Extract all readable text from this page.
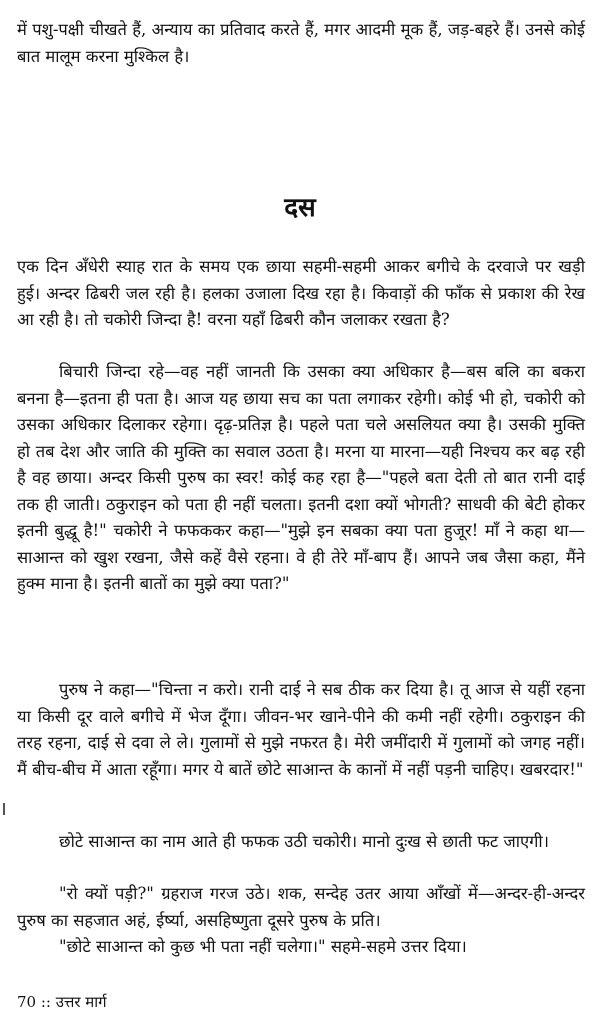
में पशु-पक्षी चीखते हैं, अन्याय का प्रतिवाद करते हैं, मगर आदमी मूक हैं, जड़-बहरे हैं। उनसे कोई बात मालूम करना मुश्किल है।

दस

एक दिन अँधेरी स्याह रात के समय एक छाया सहमी-सहमी आकर बगीचे के दरवाजे पर खड़ी हुई। अन्दर ढिबरी जल रही है। हलका उजाला दिख रहा है। किवाड़ों की फाँक से प्रकाश की रेख आ रही है। तो चकोरी जिन्दा है! वरना यहाँ ढिबरी कौन जलाकर रखता है?

बिचारी जिन्दा रहे—वह नहीं जानती कि उसका क्या अधिकार है—बस बलि का बकरा बनना है—इतना ही पता है। आज यह छाया सच का पता लगाकर रहेगी। कोई भी हो, चकोरी को उसका अधिकार दिलाकर रहेगा। दृढ़-प्रतिज्ञ है। पहले पता चले असलियत क्या है। उसकी मुक्ति हो तब देश और जाति की मुक्ति का सवाल उठता है। मरना या मारना—यही निश्चय कर बढ़ रही है वह छाया। अन्दर किसी पुरुष का स्वर! कोई कह रहा है—"पहले बता देती तो बात रानी दाई तक ही जाती। ठकुराइन को पता ही नहीं चलता। इतनी दशा क्यों भोगती? साधवी की बेटी होकर इतनी बुद्धू है!" चकोरी ने फफककर कहा—"मुझे इन सबका क्या पता हुजूर! माँ ने कहा था—साआन्त को खुश रखना, जैसे कहें वैसे रहना। वे ही तेरे माँ-बाप हैं। आपने जब जैसा कहा, मैंने हुक्म माना है। इतनी बातों का मुझे क्या पता?"

पुरुष ने कहा—"चिन्ता न करो। रानी दाई ने सब ठीक कर दिया है। तू आज से यहीं रहना या किसी दूर वाले बगीचे में भेज दूँगा। जीवन-भर खाने-पीने की कमी नहीं रहेगी। ठकुराइन की तरह रहना, दाई से दवा ले ले। गुलामों से मुझे नफरत है। मेरी जमींदारी में गुलामों को जगह नहीं। मैं बीच-बीच में आता रहूँगा। मगर ये बातें छोटे साआन्त के कानों में नहीं पड़नी चाहिए। खबरदार!"

छोटे साआन्त का नाम आते ही फफक उठी चकोरी। मानो दुःख से छाती फट जाएगी।

"रो क्यों पड़ी?" ग्रहराज गरज उठे। शक, सन्देह उतर आया आँखों में—अन्दर-ही-अन्दर पुरुष का सहजात अहं, ईर्ष्या, असहिष्णुता दूसरे पुरुष के प्रति।

"छोटे साआन्त को कुछ भी पता नहीं चलेगा।" सहमे-सहमे उत्तर दिया।

70 :: उत्तर मार्ग
